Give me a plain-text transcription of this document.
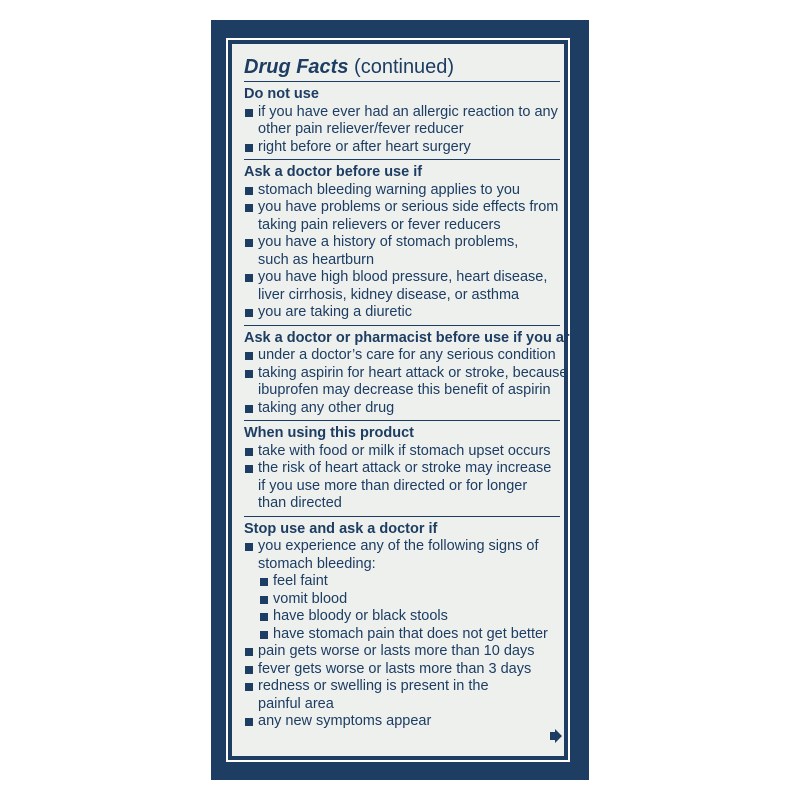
Drug Facts (continued)
Do not use
if you have ever had an allergic reaction to any
other pain reliever/fever reducer
right before or after heart surgery
Ask a doctor before use if
stomach bleeding warning applies to you
you have problems or serious side effects from
taking pain relievers or fever reducers
you have a history of stomach problems,
such as heartburn
you have high blood pressure, heart disease,
liver cirrhosis, kidney disease, or asthma
you are taking a diuretic
Ask a doctor or pharmacist before use if you are
under a doctor’s care for any serious condition
taking aspirin for heart attack or stroke, because
ibuprofen may decrease this benefit of aspirin
taking any other drug
When using this product
take with food or milk if stomach upset occurs
the risk of heart attack or stroke may increase
if you use more than directed or for longer
than directed
Stop use and ask a doctor if
you experience any of the following signs of
stomach bleeding:
feel faint
vomit blood
have bloody or black stools
have stomach pain that does not get better
pain gets worse or lasts more than 10 days
fever gets worse or lasts more than 3 days
redness or swelling is present in the
painful area
any new symptoms appear
